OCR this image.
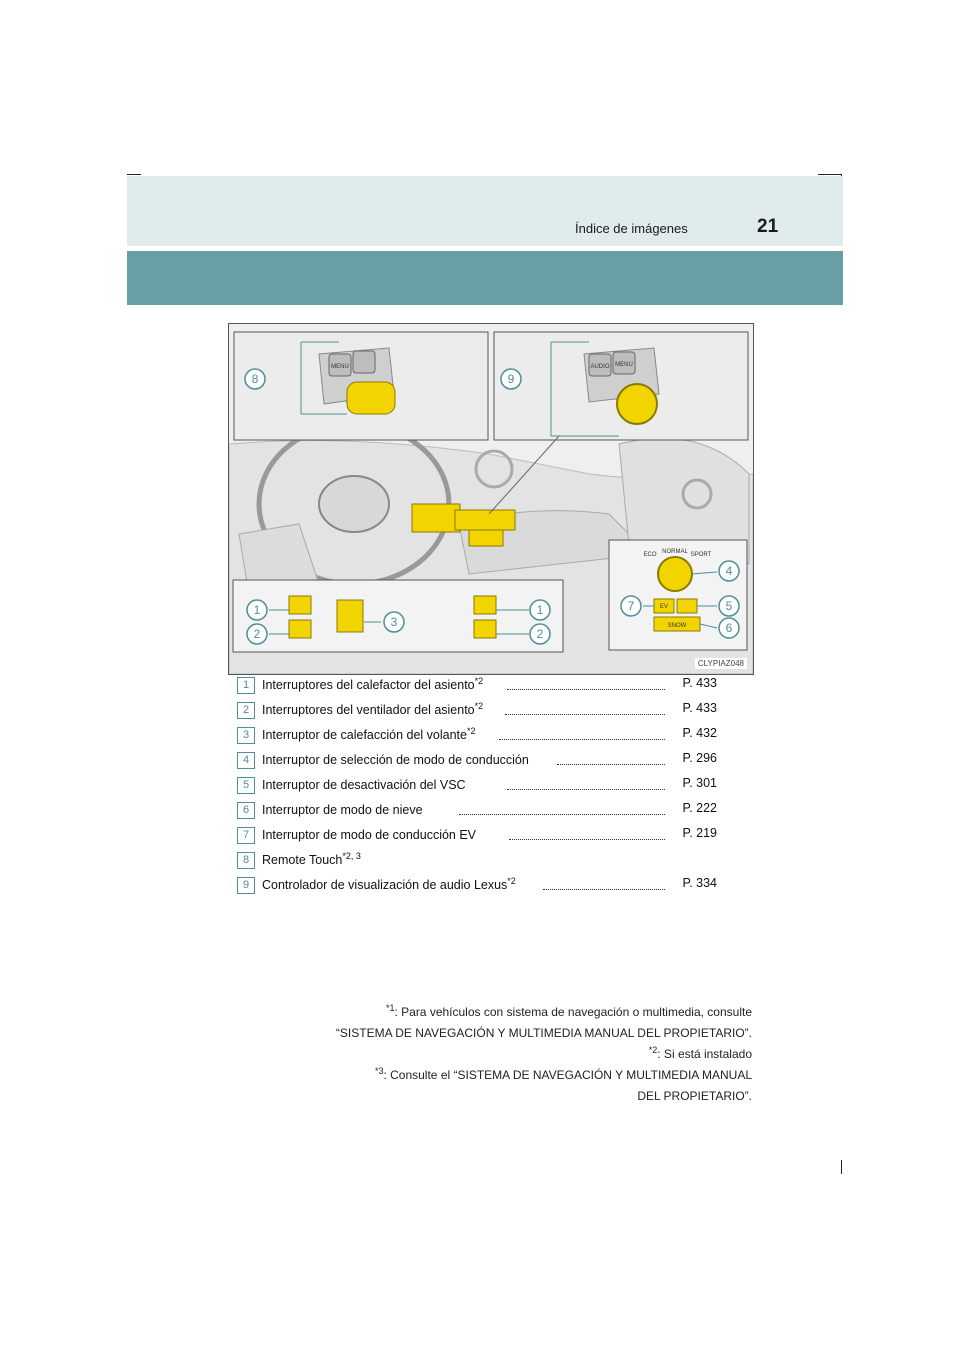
Índice de imágenes	21
8	9
4
7	5
6
1
2
3
1
2
MENU	AUDIO MENU
ECO NORMAL SPORT
EV
SNOW
CLYPIAZ048
1	Interruptores del calefactor del asiento$^{*2}$	P. 433
2	Interruptores del ventilador del asiento$^{*2}$	P. 433
3	Interruptor de calefacción del volante$^{*2}$	P. 432
4	Interruptor de selección de modo de conducción	P. 296
5	Interruptor de desactivación del VSC	P. 301
6	Interruptor de modo de nieve	P. 222
7	Interruptor de modo de conducción EV	P. 219
8	Remote Touch$^{*2, 3}$
9	Controlador de visualización de audio Lexus$^{*2}$	P. 334
$^{*1}$: Para vehículos con sistema de navegación o multimedia, consulte
“SISTEMA DE NAVEGACIÓN Y MULTIMEDIA MANUAL DEL PROPIETARIO”.
$^{*2}$: Si está instalado
$^{*3}$: Consulte el “SISTEMA DE NAVEGACIÓN Y MULTIMEDIA MANUAL
DEL PROPIETARIO”.
